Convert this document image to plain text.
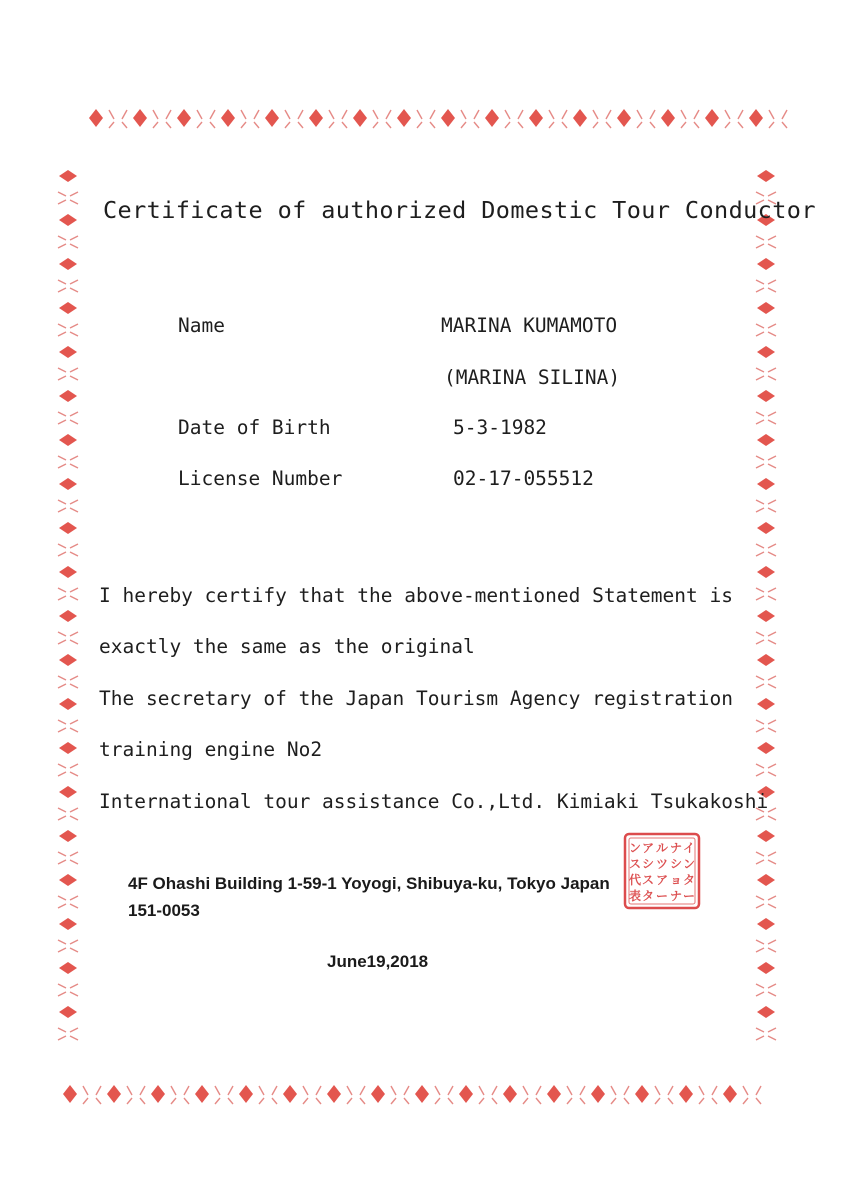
Certificate of authorized Domestic Tour Conductor
Name	MARINA KUMAMOTO
(MARINA SILINA)
Date of Birth	5-3-1982
License Number	02-17-055512
I hereby certify that the above-mentioned Statement is
exactly the same as the original
The secretary of the Japan Tourism Agency registration
training engine No2
International tour assistance Co.,Ltd. Kimiaki Tsukakoshi
イ
ン
タ
ー
ナ
シ
ョ
ナ
ル
ツ
ア
ー
ア
シ
ス
タ
ン
ス
代
表
4F Ohashi Building 1-59-1 Yoyogi, Shibuya-ku, Tokyo Japan
151-0053
June19,2018
